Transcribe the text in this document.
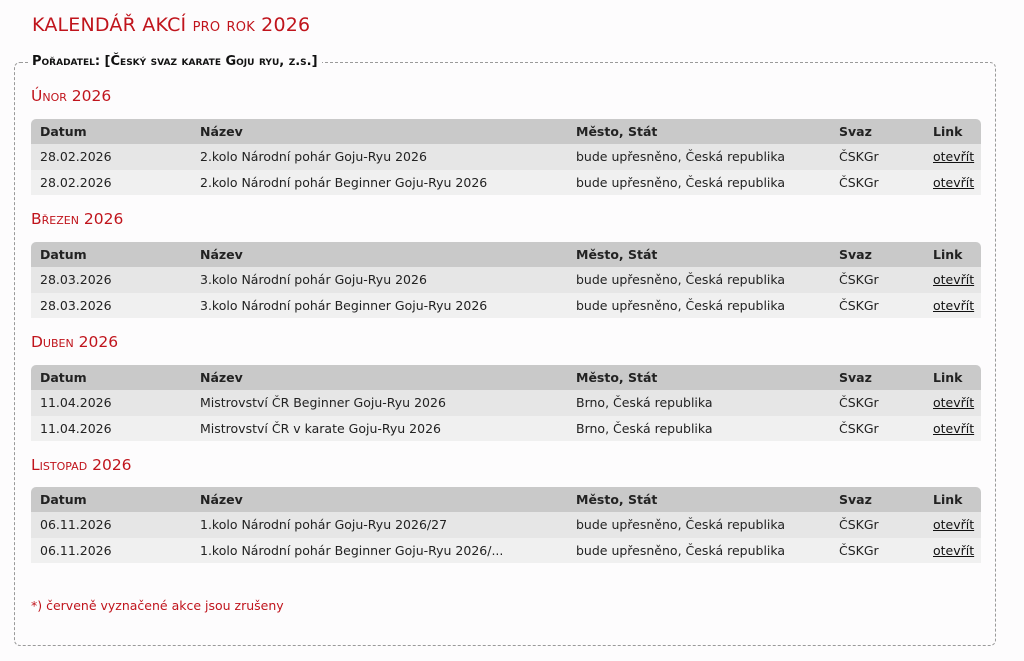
KALENDÁŘ AKCÍ pro rok 2026
Pořadatel: [Český svaz karate Goju ryu, z.s.]
Únor 2026
Datum	Název	Město, Stát	Svaz	Link
28.02.2026	2.kolo Národní pohár Goju-Ryu 2026	bude upřesněno, Česká republika	ČSKGr	otevřít
28.02.2026	2.kolo Národní pohár Beginner Goju-Ryu 2026	bude upřesněno, Česká republika	ČSKGr	otevřít
Březen 2026
Datum	Název	Město, Stát	Svaz	Link
28.03.2026	3.kolo Národní pohár Goju-Ryu 2026	bude upřesněno, Česká republika	ČSKGr	otevřít
28.03.2026	3.kolo Národní pohár Beginner Goju-Ryu 2026	bude upřesněno, Česká republika	ČSKGr	otevřít
Duben 2026
Datum	Název	Město, Stát	Svaz	Link
11.04.2026	Mistrovství ČR Beginner Goju-Ryu 2026	Brno, Česká republika	ČSKGr	otevřít
11.04.2026	Mistrovství ČR v karate Goju-Ryu 2026	Brno, Česká republika	ČSKGr	otevřít
Listopad 2026
Datum	Název	Město, Stát	Svaz	Link
06.11.2026	1.kolo Národní pohár Goju-Ryu 2026/27	bude upřesněno, Česká republika	ČSKGr	otevřít
06.11.2026	1.kolo Národní pohár Beginner Goju-Ryu 2026/...	bude upřesněno, Česká republika	ČSKGr	otevřít
*) červeně vyznačené akce jsou zrušeny
